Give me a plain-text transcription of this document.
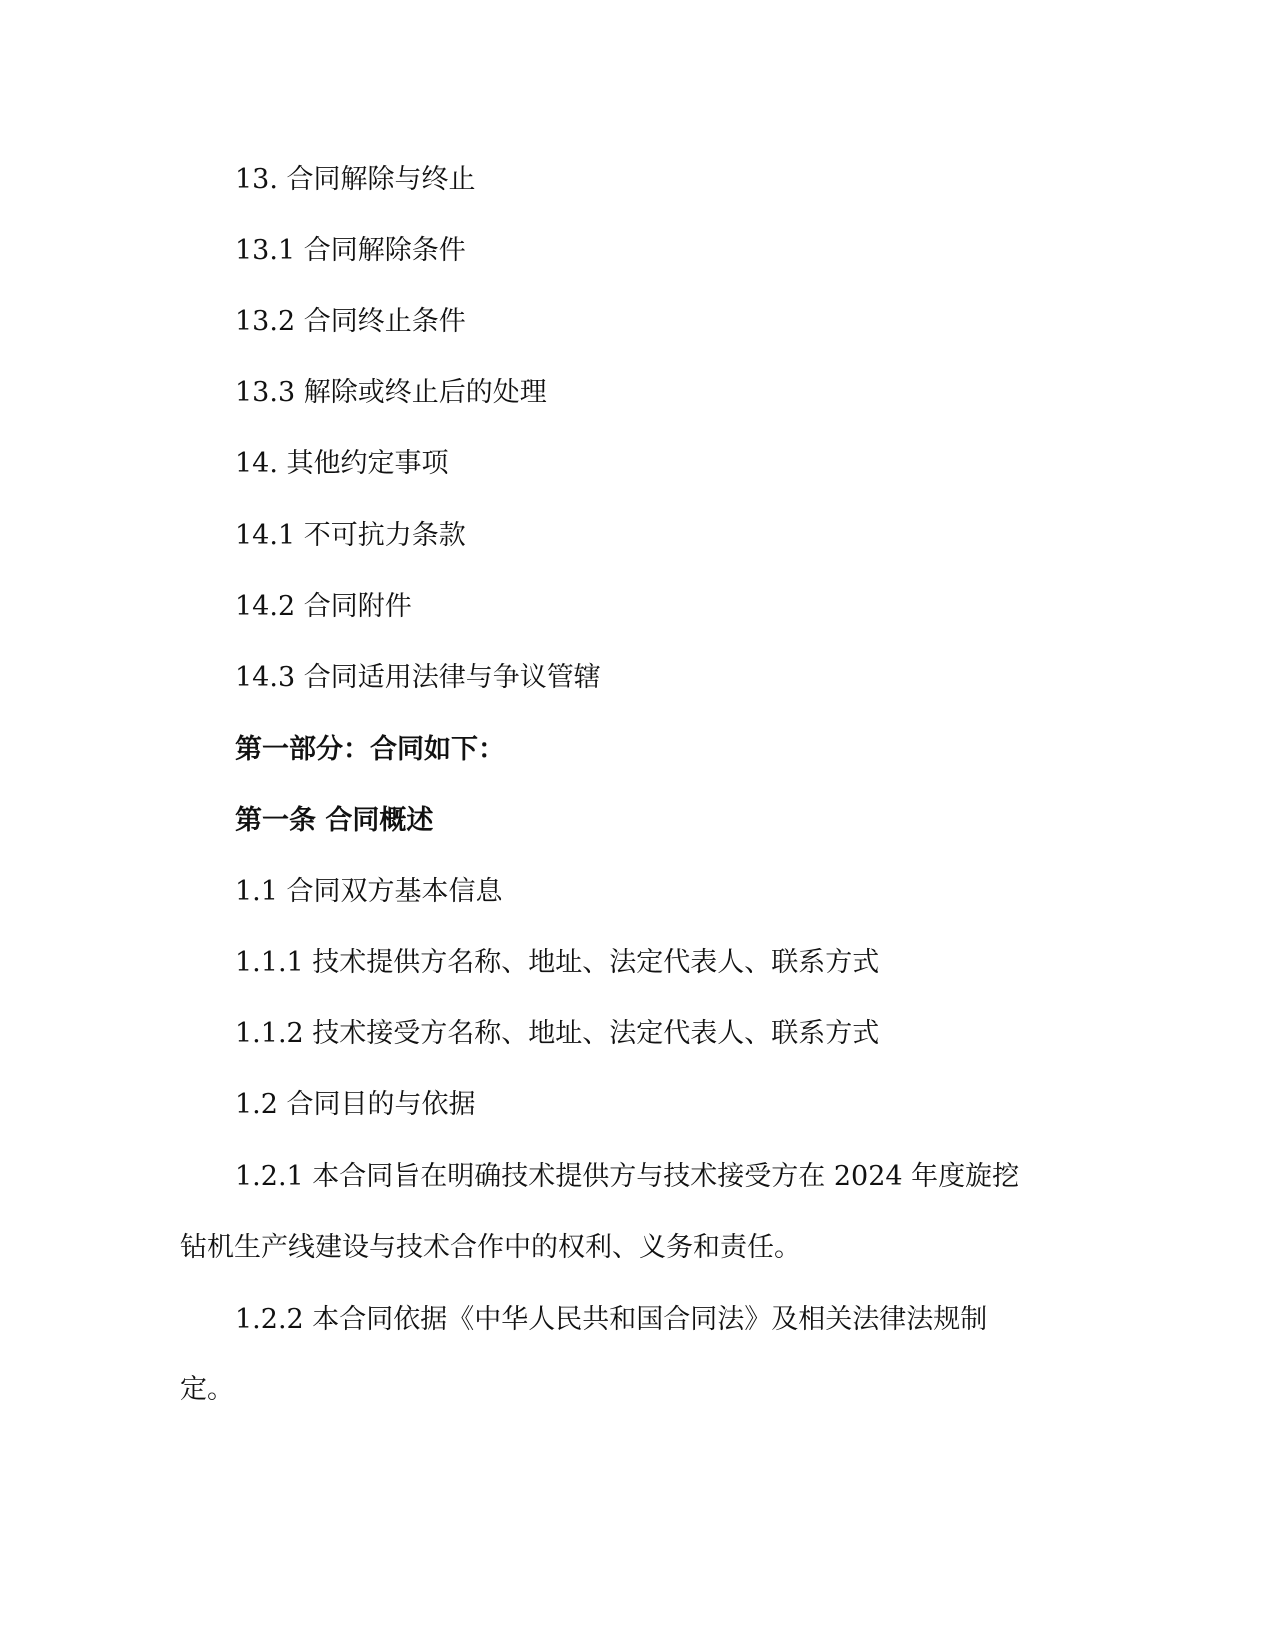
13. 合同解除与终止
13.1 合同解除条件
13.2 合同终止条件
13.3 解除或终止后的处理
14. 其他约定事项
14.1 不可抗力条款
14.2 合同附件
14.3 合同适用法律与争议管辖
第一部分：合同如下：
第一条 合同概述
1.1 合同双方基本信息
1.1.1 技术提供方名称、地址、法定代表人、联系方式
1.1.2 技术接受方名称、地址、法定代表人、联系方式
1.2 合同目的与依据
1.2.1 本合同旨在明确技术提供方与技术接受方在 2024 年度旋挖
钻机生产线建设与技术合作中的权利、义务和责任。
1.2.2 本合同依据《中华人民共和国合同法》及相关法律法规制
定。
